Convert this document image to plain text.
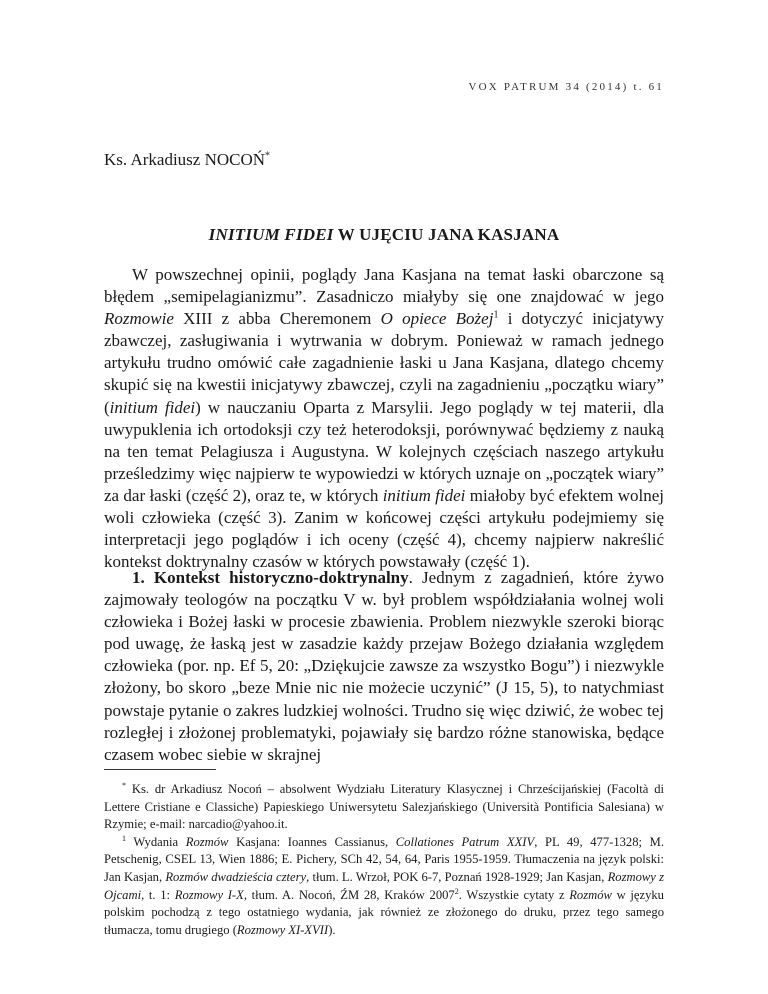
VOX PATRUM 34 (2014) t. 61
Ks. Arkadiusz NOCOŃ*
INITIUM FIDEI W UJĘCIU JANA KASJANA

W powszechnej opinii, poglądy Jana Kasjana na temat łaski obarczone są błędem „semipelagianizmu”. Zasadniczo miałyby się one znajdować w jego Rozmowie XIII z abba Cheremonem O opiece Bożej$^1$ i dotyczyć inicjatywy zbawczej, zasługiwania i wytrwania w dobrym. Ponieważ w ramach jednego artykułu trudno omówić całe zagadnienie łaski u Jana Kasjana, dlatego chcemy skupić się na kwestii inicjatywy zbawczej, czyli na zagadnieniu „początku wiary” (initium fidei) w nauczaniu Oparta z Marsylii. Jego poglądy w tej materii, dla uwypuklenia ich ortodoksji czy też heterodoksji, porównywać będziemy z nauką na ten temat Pelagiusza i Augustyna. W kolejnych częściach naszego artykułu prześledzimy więc najpierw te wypowiedzi w których uznaje on „początek wiary” za dar łaski (część 2), oraz te, w których initium fidei miałoby być efektem wolnej woli człowieka (część 3). Zanim w końcowej części artykułu podejmiemy się interpretacji jego poglądów i ich oceny (część 4), chcemy najpierw nakreślić kontekst doktrynalny czasów w których powstawały (część 1).

1. Kontekst historyczno-doktrynalny. Jednym z zagadnień, które żywo zajmowały teologów na początku V w. był problem współdziałania wolnej woli człowieka i Bożej łaski w procesie zbawienia. Problem niezwykle szeroki biorąc pod uwagę, że łaską jest w zasadzie każdy przejaw Bożego działania względem człowieka (por. np. Ef 5, 20: „Dziękujcie zawsze za wszystko Bogu”) i niezwykle złożony, bo skoro „beze Mnie nic nie możecie uczynić” (J 15, 5), to natychmiast powstaje pytanie o zakres ludzkiej wolności. Trudno się więc dziwić, że wobec tej rozległej i złożonej problematyki, pojawiały się bardzo różne stanowiska, będące czasem wobec siebie w skrajnej

* Ks. dr Arkadiusz Nocoń – absolwent Wydziału Literatury Klasycznej i Chrześcijańskiej (Facoltà di Lettere Cristiane e Classiche) Papieskiego Uniwersytetu Salezjańskiego (Università Pontificia Salesiana) w Rzymie; e-mail: narcadio@yahoo.it.

$^1$ Wydania Rozmów Kasjana: Ioannes Cassianus, Collationes Patrum XXIV, PL 49, 477-1328; M. Petschenig, CSEL 13, Wien 1886; E. Pichery, SCh 42, 54, 64, Paris 1955-1959. Tłumaczenia na język polski: Jan Kasjan, Rozmów dwadzieścia cztery, tłum. L. Wrzoł, POK 6-7, Poznań 1928-1929; Jan Kasjan, Rozmowy z Ojcami, t. 1: Rozmowy I-X, tłum. A. Nocoń, ŹM 28, Kraków 2007$^2$. Wszystkie cytaty z Rozmów w języku polskim pochodzą z tego ostatniego wydania, jak również ze złożonego do druku, przez tego samego tłumacza, tomu drugiego (Rozmowy XI-XVII).
